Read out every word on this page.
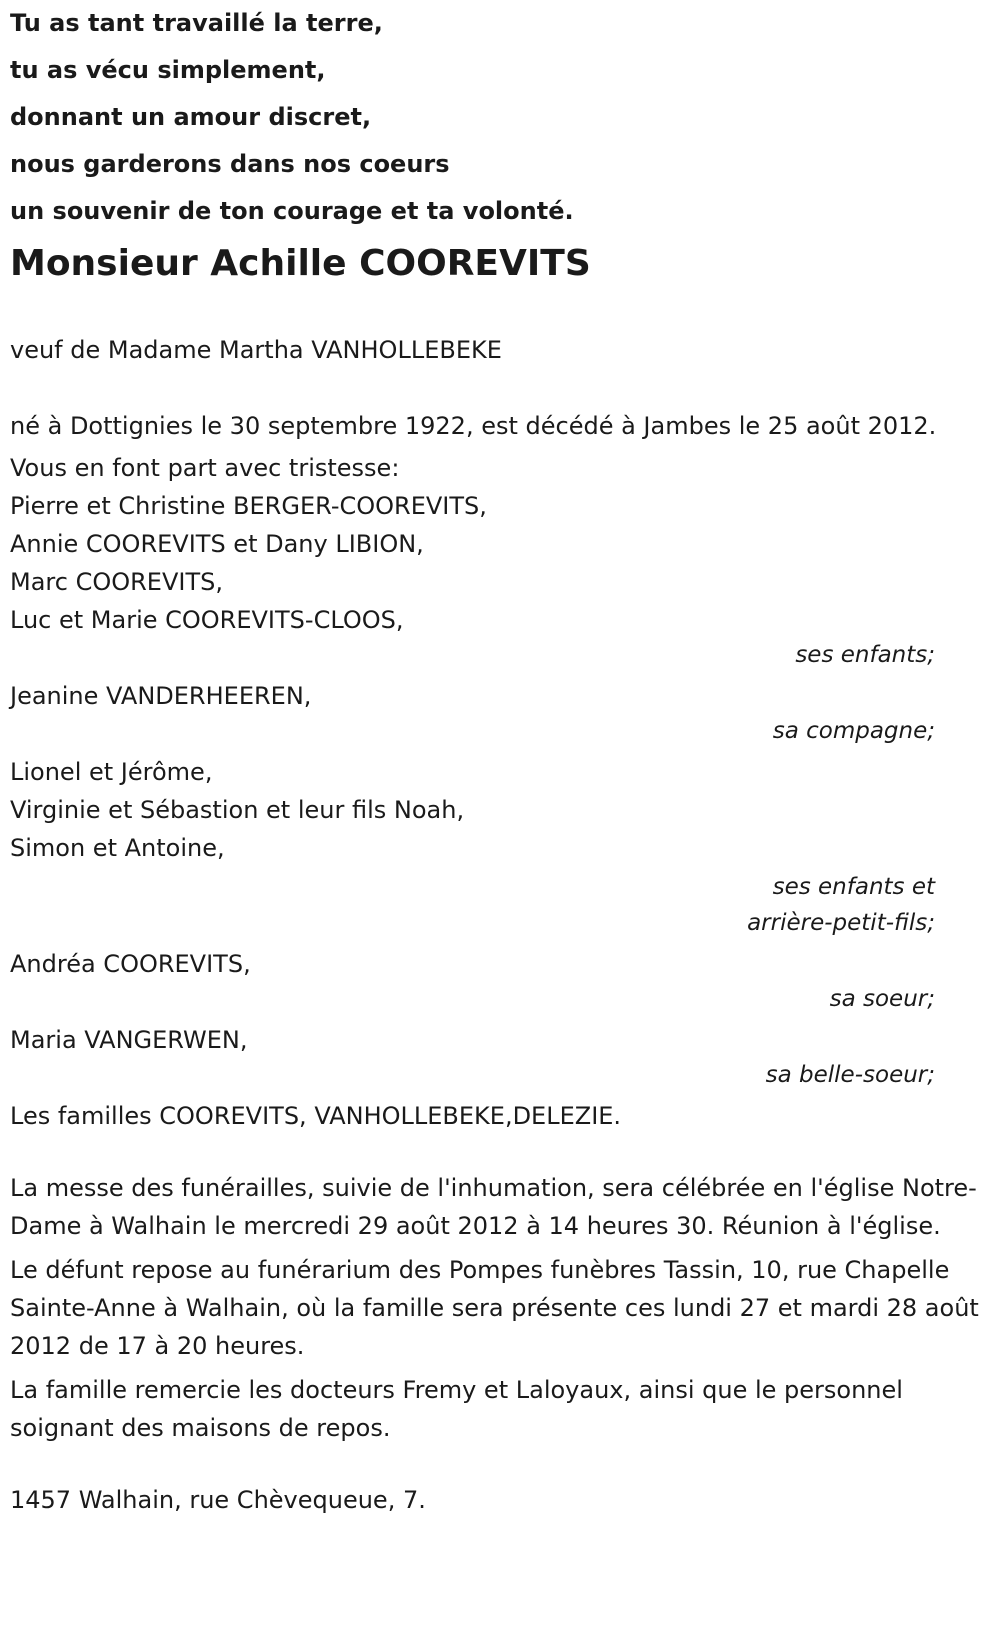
Tu as tant travaillé la terre,
tu as vécu simplement,
donnant un amour discret,
nous garderons dans nos coeurs
un souvenir de ton courage et ta volonté.
Monsieur Achille COOREVITS
veuf de Madame Martha VANHOLLEBEKE
né à Dottignies le 30 septembre 1922, est décédé à Jambes le 25 août 2012.
Vous en font part avec tristesse:
Pierre et Christine BERGER-COOREVITS,
Annie COOREVITS et Dany LIBION,
Marc COOREVITS,
Luc et Marie COOREVITS-CLOOS,
ses enfants;
Jeanine VANDERHEEREN,
sa compagne;
Lionel et Jérôme,
Virginie et Sébastion et leur fils Noah,
Simon et Antoine,
ses enfants et
arrière-petit-fils;
Andréa COOREVITS,
sa soeur;
Maria VANGERWEN,
sa belle-soeur;
Les familles COOREVITS, VANHOLLEBEKE,DELEZIE.
La messe des funérailles, suivie de l'inhumation, sera célébrée en l'église Notre-Dame à Walhain le mercredi 29 août 2012 à 14 heures 30. Réunion à l'église.
Le défunt repose au funérarium des Pompes funèbres Tassin, 10, rue Chapelle Sainte-Anne à Walhain, où la famille sera présente ces lundi 27 et mardi 28 août 2012 de 17 à 20 heures.
La famille remercie les docteurs Fremy et Laloyaux, ainsi que le personnel soignant des maisons de repos.
1457 Walhain, rue Chèvequeue, 7.
